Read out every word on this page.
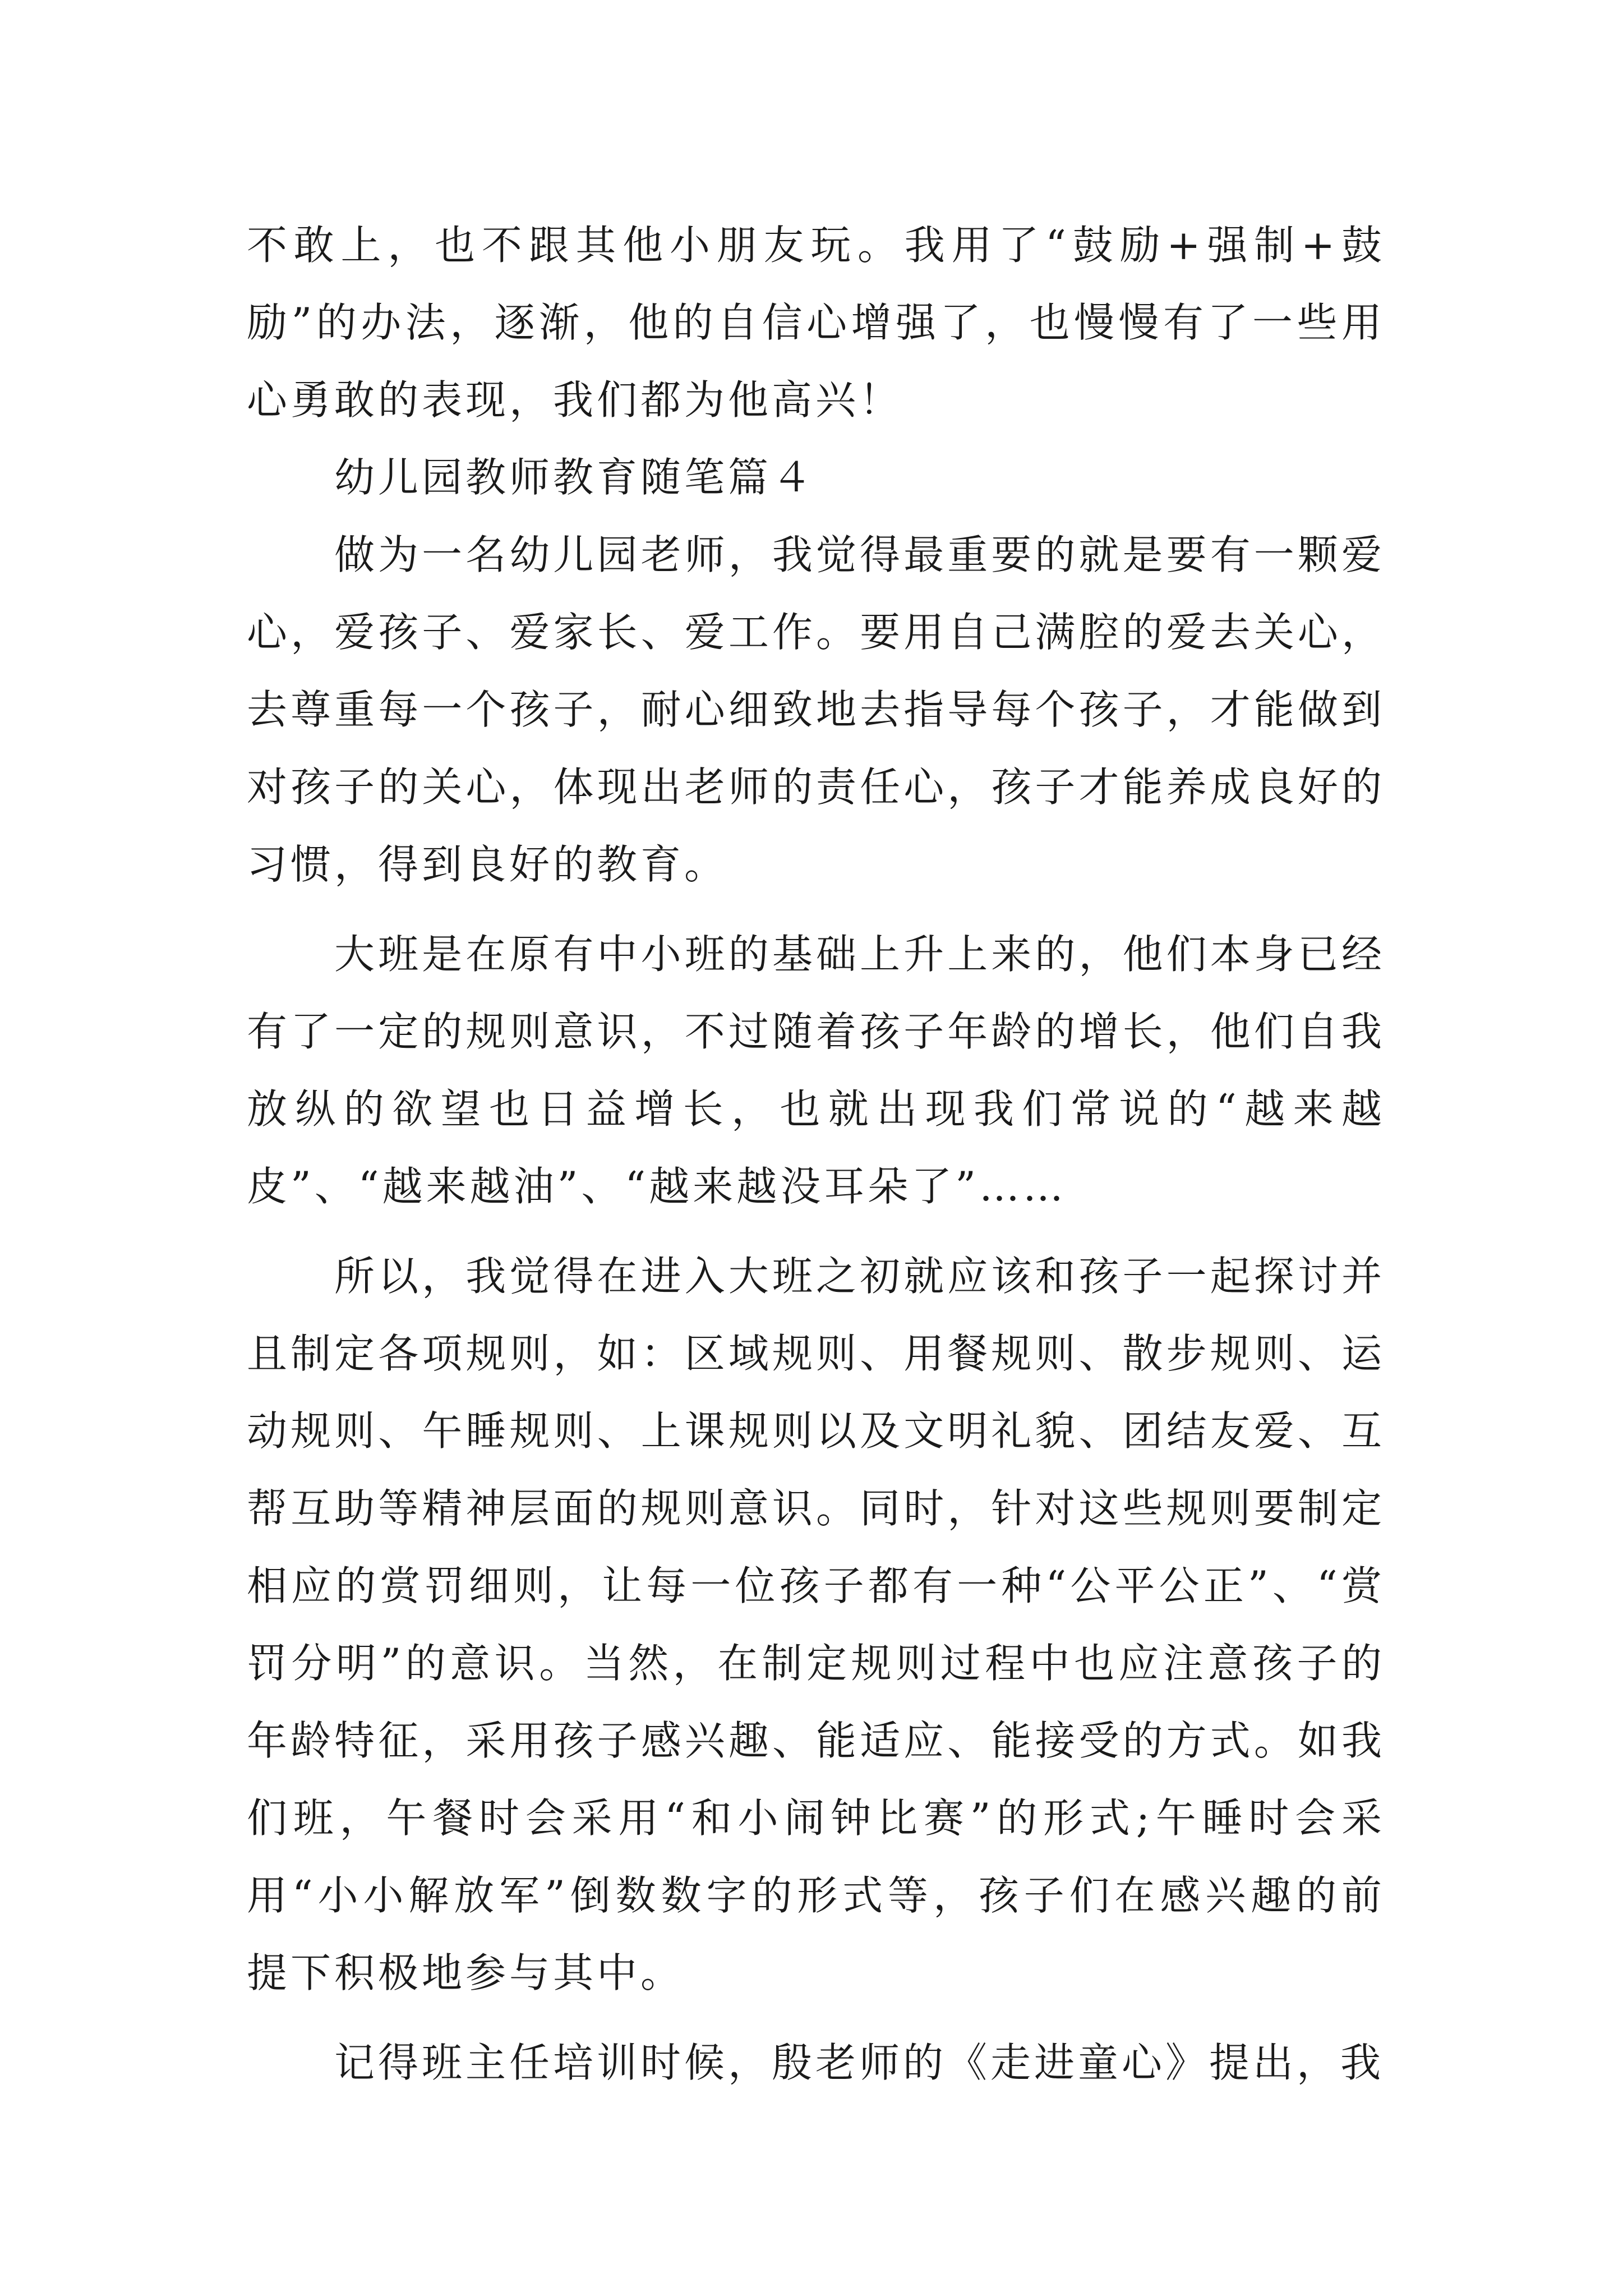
不敢上，也不跟其他小朋友玩。我用了“鼓励+强制+鼓励”的办法，逐渐，他的自信心增强了，也慢慢有了一些用心勇敢的表现，我们都为他高兴！

幼儿园教师教育随笔篇４

做为一名幼儿园老师，我觉得最重要的就是要有一颗爱心，爱孩子、爱家长、爱工作。要用自己满腔的爱去关心，去尊重每一个孩子，耐心细致地去指导每个孩子，才能做到对孩子的关心，体现出老师的责任心，孩子才能养成良好的习惯，得到良好的教育。

大班是在原有中小班的基础上升上来的，他们本身已经有了一定的规则意识，不过随着孩子年龄的增长，他们自我放纵的欲望也日益增长，也就出现我们常说的“越来越皮”、“越来越油”、“越来越没耳朵了”……

所以，我觉得在进入大班之初就应该和孩子一起探讨并且制定各项规则，如：区域规则、用餐规则、散步规则、运动规则、午睡规则、上课规则以及文明礼貌、团结友爱、互帮互助等精神层面的规则意识。同时，针对这些规则要制定相应的赏罚细则，让每一位孩子都有一种“公平公正”、“赏罚分明”的意识。当然，在制定规则过程中也应注意孩子的年龄特征，采用孩子感兴趣、能适应、能接受的方式。如我们班，午餐时会采用“和小闹钟比赛”的形式;午睡时会采用“小小解放军”倒数数字的形式等，孩子们在感兴趣的前提下积极地参与其中。

记得班主任培训时候，殷老师的《走进童心》提出，我
